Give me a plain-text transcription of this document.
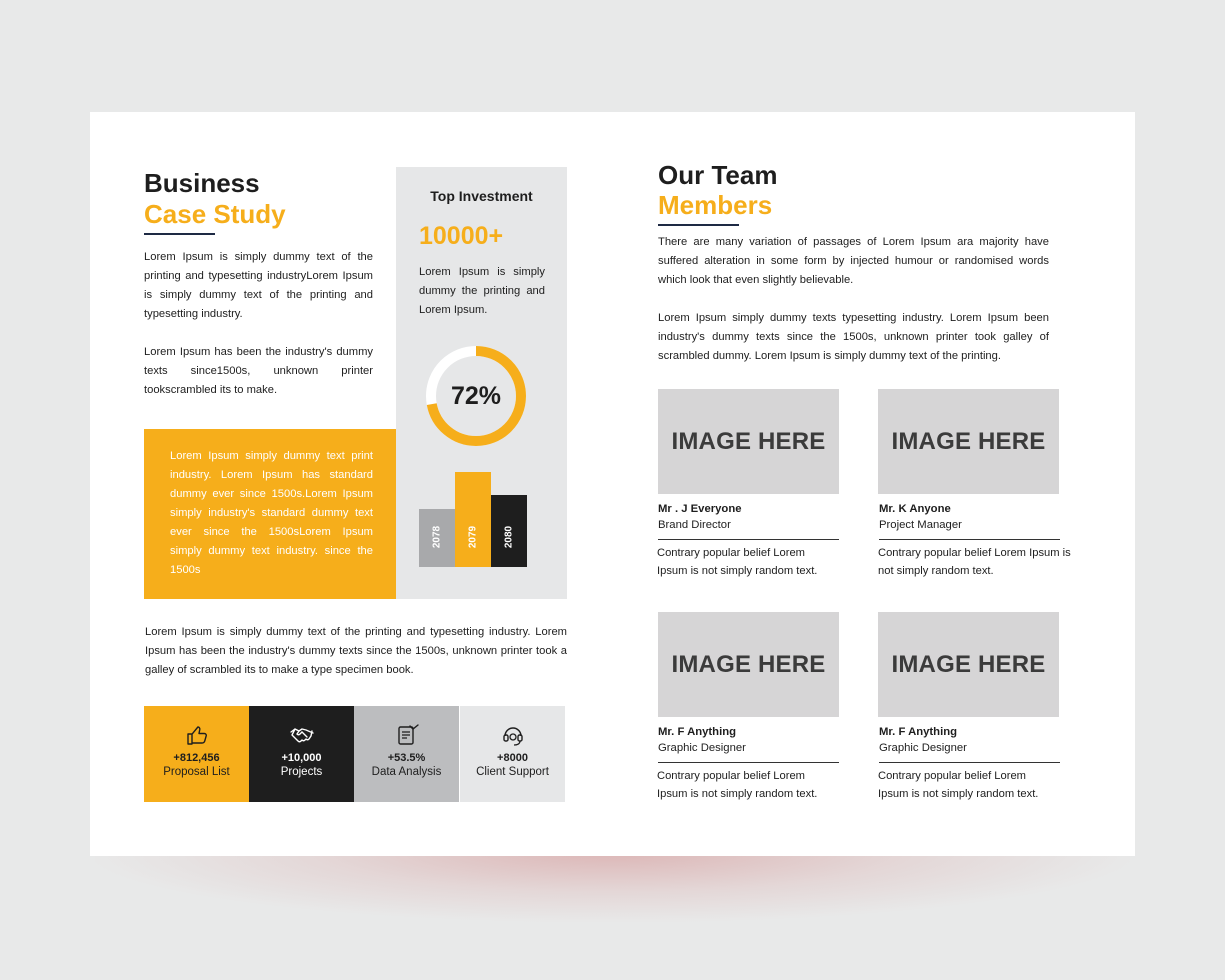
Business
Case Study
Lorem Ipsum is simply dummy text of the printing and typesetting industryLorem Ipsum is simply dummy text of the printing and typesetting industry.
Lorem Ipsum has been the industry's dummy texts since1500s, unknown printer tookscrambled its to make.
Lorem Ipsum simply dummy text print industry. Lorem Ipsum has standard dummy ever since 1500s.Lorem Ipsum simply industry's standard dummy text ever since the 1500sLorem Ipsum simply dummy text industry. since the 1500s
Top Investment
10000+
Lorem Ipsum is simply dummy the printing and Lorem Ipsum.
72%
2078	2079	2080
Lorem Ipsum is simply dummy text of the printing and typesetting industry. Lorem Ipsum has been the industry's dummy texts since the 1500s, unknown printer took a galley of scrambled its to make a type specimen book.
+812,456
Proposal List
+10,000
Projects
+53.5%
Data Analysis
+8000
Client Support
Our Team
Members
There are many variation of passages of Lorem Ipsum ara majority have suffered alteration in some form by injected humour or randomised words which look that even slightly believable.
Lorem Ipsum simply dummy texts typesetting industry. Lorem Ipsum been industry's dummy texts since the 1500s, unknown printer took galley of scrambled dummy. Lorem Ipsum is simply dummy text of the printing.
IMAGE HERE
Mr . J Everyone
Brand Director
Contrary popular belief Lorem Ipsum is not simply random text.
IMAGE HERE
Mr. K Anyone
Project Manager
Contrary popular belief Lorem Ipsum is not simply random text.
IMAGE HERE
Mr. F Anything
Graphic Designer
Contrary popular belief Lorem Ipsum is not simply random text.
IMAGE HERE
Mr. F Anything
Graphic Designer
Contrary popular belief Lorem Ipsum is not simply random text.
